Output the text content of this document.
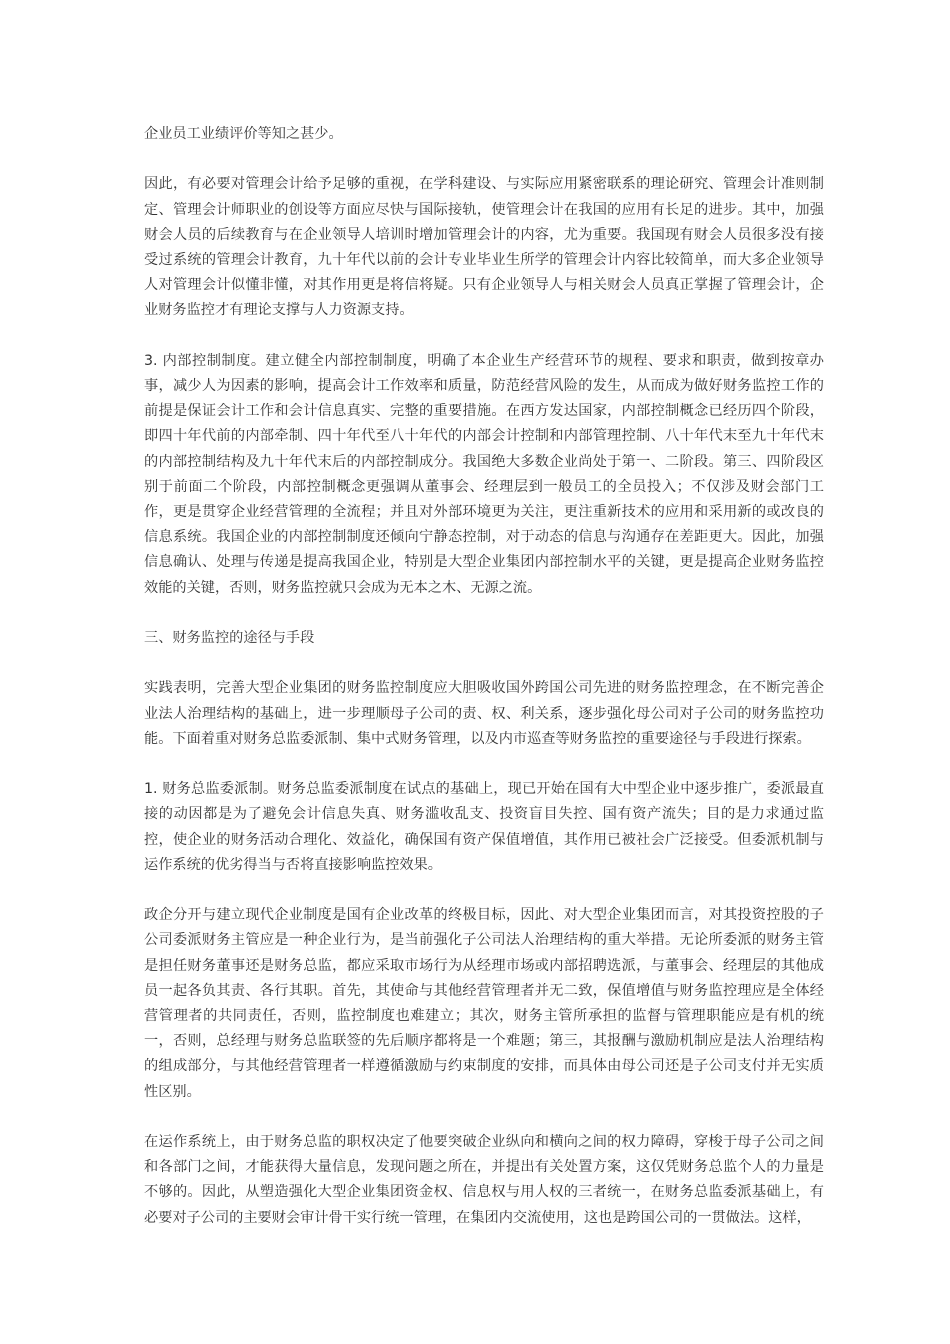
企业员工业绩评价等知之甚少。

因此，有必要对管理会计给予足够的重视，在学科建设、与实际应用紧密联系的理论研究、管理会计准则制定、管理会计师职业的创设等方面应尽快与国际接轨，使管理会计在我国的应用有长足的进步。其中，加强财会人员的后续教育与在企业领导人培训时增加管理会计的内容，尤为重要。我国现有财会人员很多没有接受过系统的管理会计教育，九十年代以前的会计专业毕业生所学的管理会计内容比较简单，而大多企业领导人对管理会计似懂非懂，对其作用更是将信将疑。只有企业领导人与相关财会人员真正掌握了管理会计，企业财务监控才有理论支撑与人力资源支持。

3. 内部控制制度。建立健全内部控制制度，明确了本企业生产经营环节的规程、要求和职责，做到按章办事，减少人为因素的影响，提高会计工作效率和质量，防范经营风险的发生，从而成为做好财务监控工作的前提是保证会计工作和会计信息真实、完整的重要措施。在西方发达国家，内部控制概念已经历四个阶段，即四十年代前的内部牵制、四十年代至八十年代的内部会计控制和内部管理控制、八十年代末至九十年代末的内部控制结构及九十年代末后的内部控制成分。我国绝大多数企业尚处于第一、二阶段。第三、四阶段区别于前面二个阶段，内部控制概念更强调从董事会、经理层到一般员工的全员投入；不仅涉及财会部门工作，更是贯穿企业经营管理的全流程；并且对外部环境更为关注，更注重新技术的应用和采用新的或改良的信息系统。我国企业的内部控制制度还倾向宁静态控制，对于动态的信息与沟通存在差距更大。因此，加强信息确认、处理与传递是提高我国企业，特别是大型企业集团内部控制水平的关键，更是提高企业财务监控效能的关键，否则，财务监控就只会成为无本之木、无源之流。

三、财务监控的途径与手段

实践表明，完善大型企业集团的财务监控制度应大胆吸收国外跨国公司先进的财务监控理念，在不断完善企业法人治理结构的基础上，进一步理顺母子公司的责、权、利关系，逐步强化母公司对子公司的财务监控功能。下面着重对财务总监委派制、集中式财务管理，以及内市巡查等财务监控的重要途径与手段进行探索。

1. 财务总监委派制。财务总监委派制度在试点的基础上，现已开始在国有大中型企业中逐步推广，委派最直接的动因都是为了避免会计信息失真、财务滥收乱支、投资盲目失控、国有资产流失；目的是力求通过监控，使企业的财务活动合理化、效益化，确保国有资产保值增值，其作用已被社会广泛接受。但委派机制与运作系统的优劣得当与否将直接影响监控效果。

政企分开与建立现代企业制度是国有企业改革的终极目标，因此、对大型企业集团而言，对其投资控股的子公司委派财务主管应是一种企业行为，是当前强化子公司法人治理结构的重大举措。无论所委派的财务主管是担任财务董事还是财务总监，都应采取市场行为从经理市场或内部招聘选派，与董事会、经理层的其他成员一起各负其责、各行其职。首先，其使命与其他经营管理者并无二致，保值增值与财务监控理应是全体经营管理者的共同责任，否则，监控制度也难建立；其次，财务主管所承担的监督与管理职能应是有机的统一，否则，总经理与财务总监联签的先后顺序都将是一个难题；第三，其报酬与激励机制应是法人治理结构的组成部分，与其他经营管理者一样遵循激励与约束制度的安排，而具体由母公司还是子公司支付并无实质性区别。

在运作系统上，由于财务总监的职权决定了他要突破企业纵向和横向之间的权力障碍，穿梭于母子公司之间和各部门之间，才能获得大量信息，发现问题之所在，并提出有关处置方案，这仅凭财务总监个人的力量是不够的。因此，从塑造强化大型企业集团资金权、信息权与用人权的三者统一，在财务总监委派基础上，有必要对子公司的主要财会审计骨干实行统一管理，在集团内交流使用，这也是跨国公司的一贯做法。这样，
